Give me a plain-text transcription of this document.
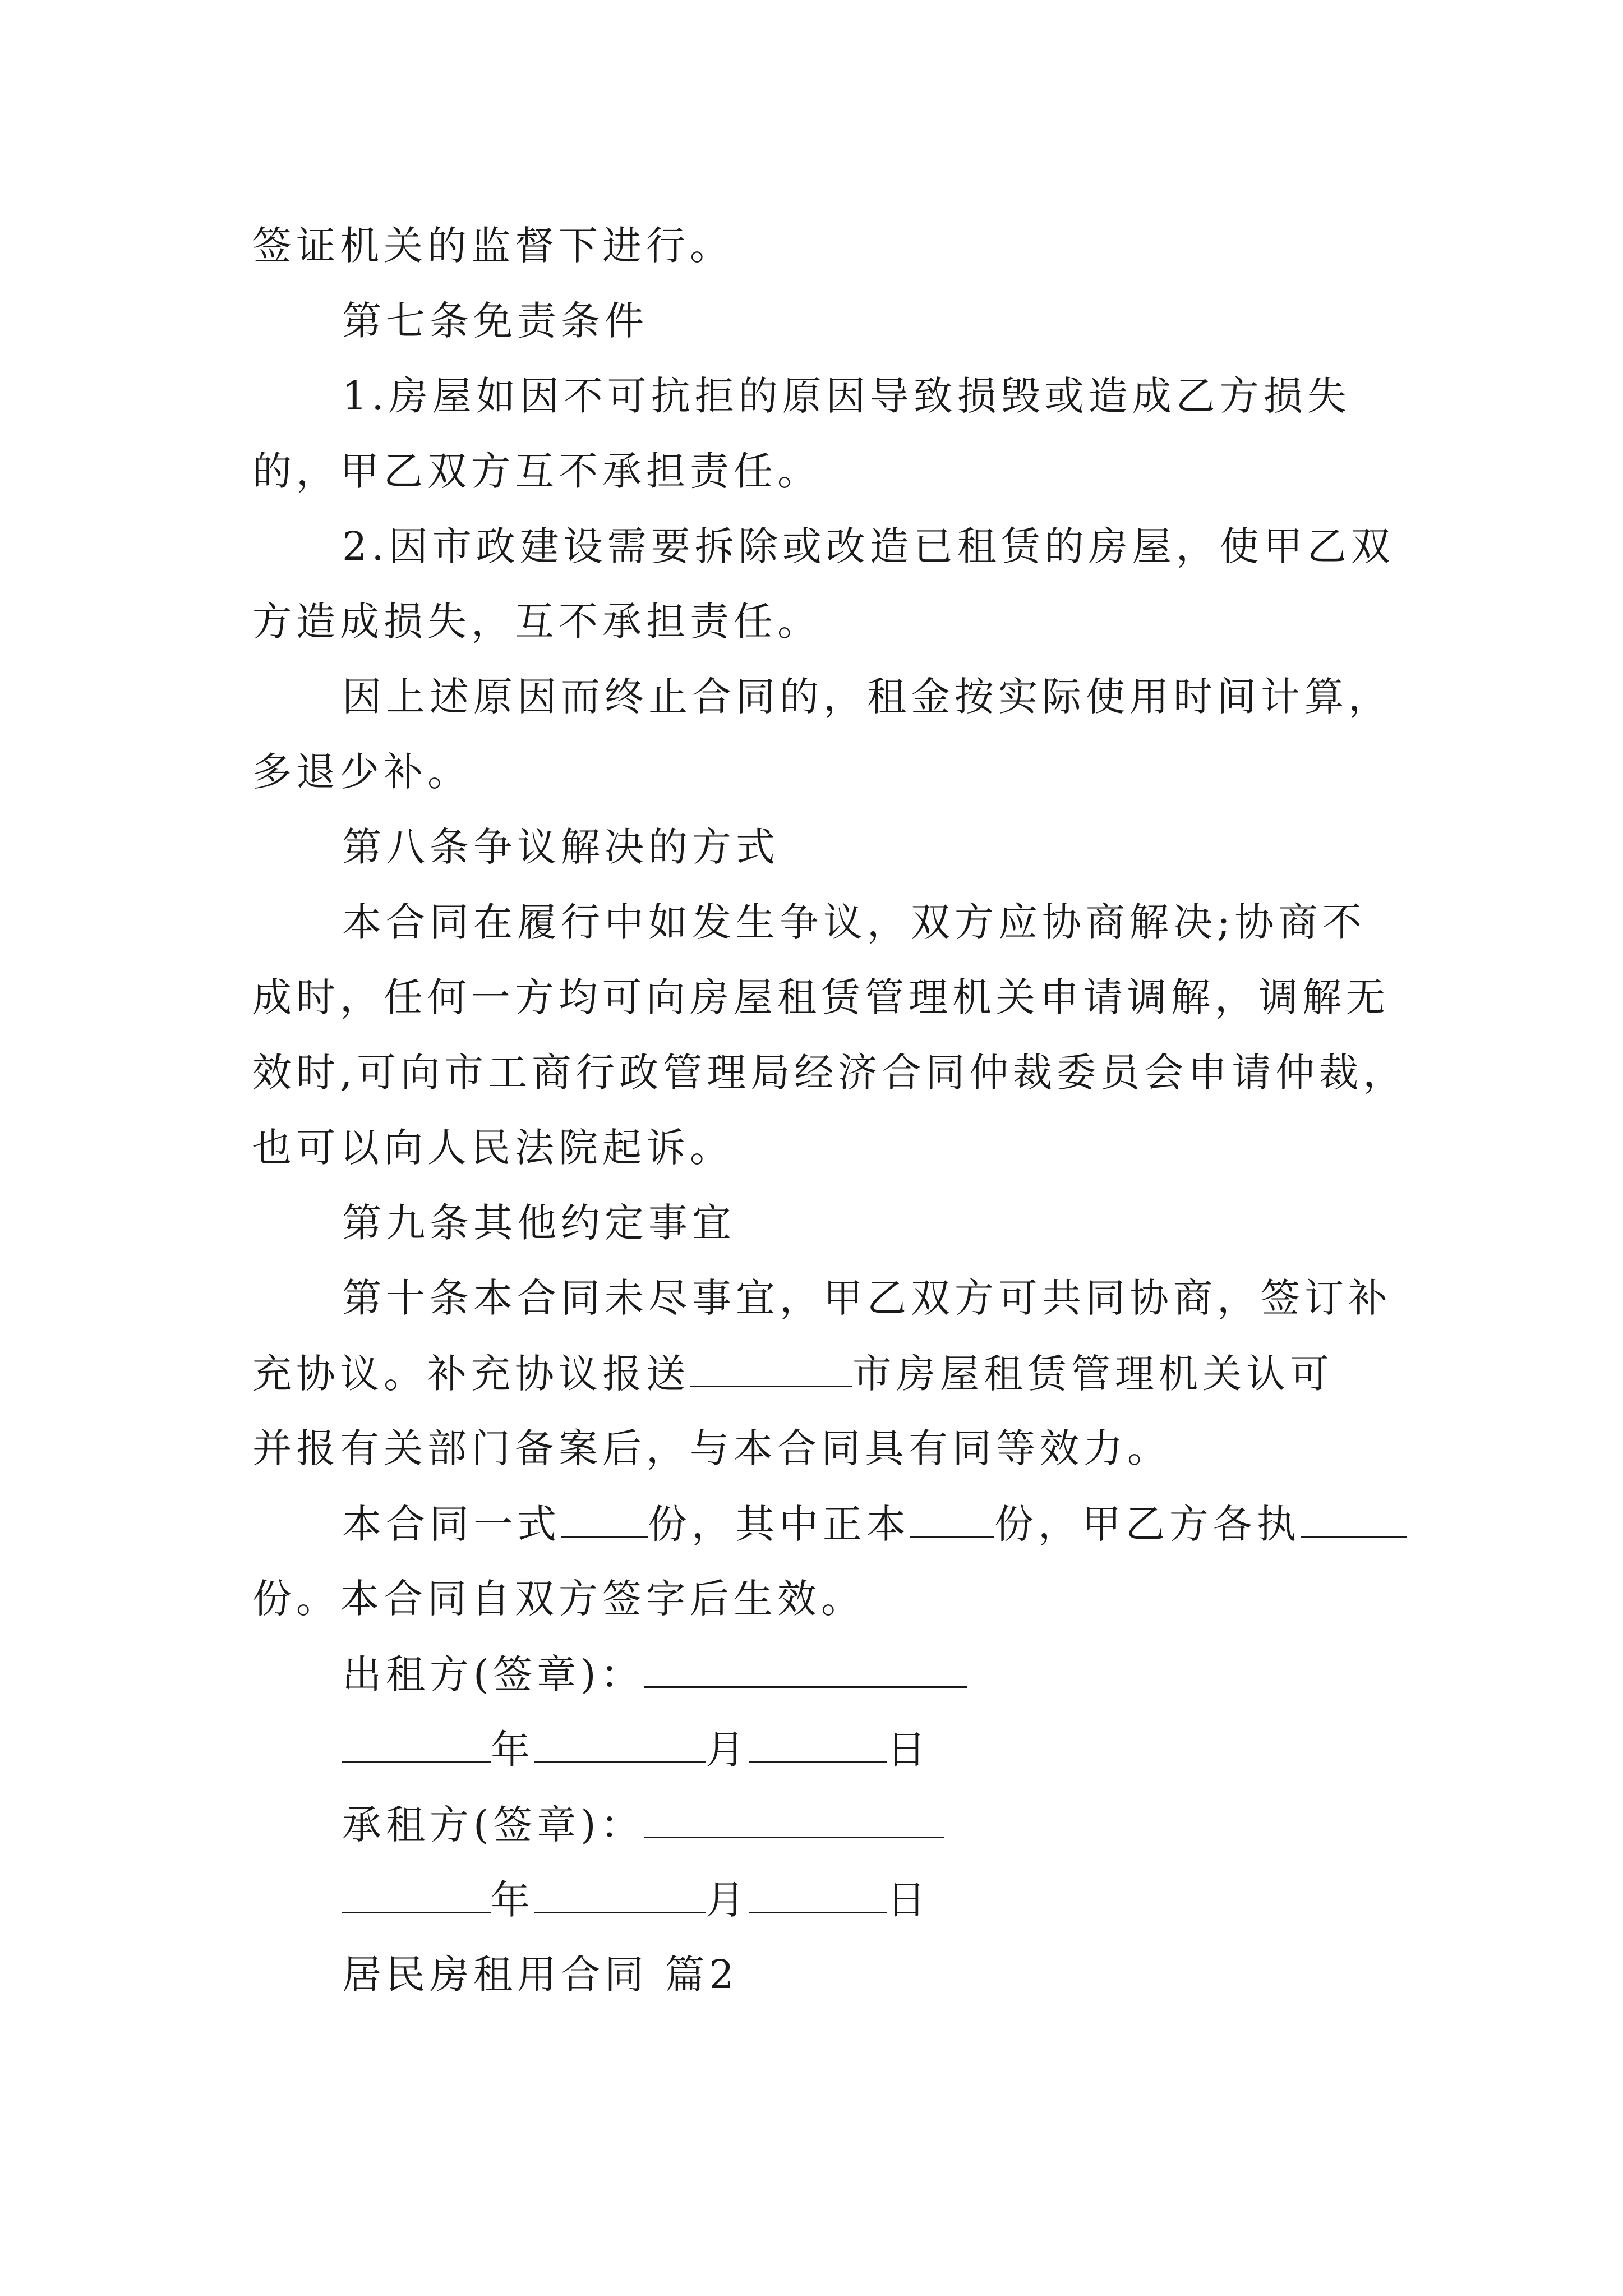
签证机关的监督下进行。
第七条免责条件
1.房屋如因不可抗拒的原因导致损毁或造成乙方损失
的，甲乙双方互不承担责任。
2.因市政建设需要拆除或改造已租赁的房屋，使甲乙双
方造成损失，互不承担责任。
因上述原因而终止合同的，租金按实际使用时间计算，
多退少补。
第八条争议解决的方式
本合同在履行中如发生争议，双方应协商解决;协商不
成时，任何一方均可向房屋租赁管理机关申请调解，调解无
效时,可向市工商行政管理局经济合同仲裁委员会申请仲裁，
也可以向人民法院起诉。
第九条其他约定事宜
第十条本合同未尽事宜，甲乙双方可共同协商，签订补
充协议。补充协议报送	市房屋租赁管理机关认可
并报有关部门备案后，与本合同具有同等效力。
本合同一式 份，其中正本 份，甲乙方各执
份。本合同自双方签字后生效。
出租方(签章)：
年	月	日
承租方(签章)：
年	月	日
居民房租用合同 篇2
